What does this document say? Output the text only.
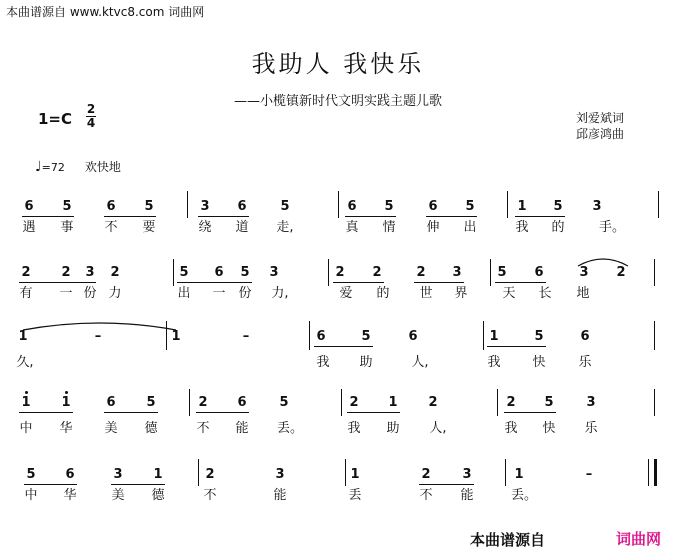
本曲谱源自 www.ktvc8.com 词曲网
我助人 我快乐
——小榄镇新时代文明实践主题儿歌
1=C
2
4	刘爱斌词
邱彦鸿曲
♩=72 欢快地
6 5	6 5	3 6	5	6 5	6 5	1 5 3
遇 事 不 要	绕 道 走,	真 情 伸 出	我 的	手。
2 2 3 2	5 6 5 3	2 2	2 3	5 6	3 2
有 一 份 力	出 一 份 力,	爱 的 世 界	天 长 地
1	–	1	–	6	5	6	1	5	6
久,	我 助	人,	我 快	乐
1 1	6 5	2 6	5	2 1 2	2 5	3
中 华 美 德	不 能 丢。	我 助 人,	我 快 乐
5 6	3 1	2	3	1	2 3	1	–
中 华	美 德	不	能	丢	不 能	丢。
本曲谱源自	词曲网
